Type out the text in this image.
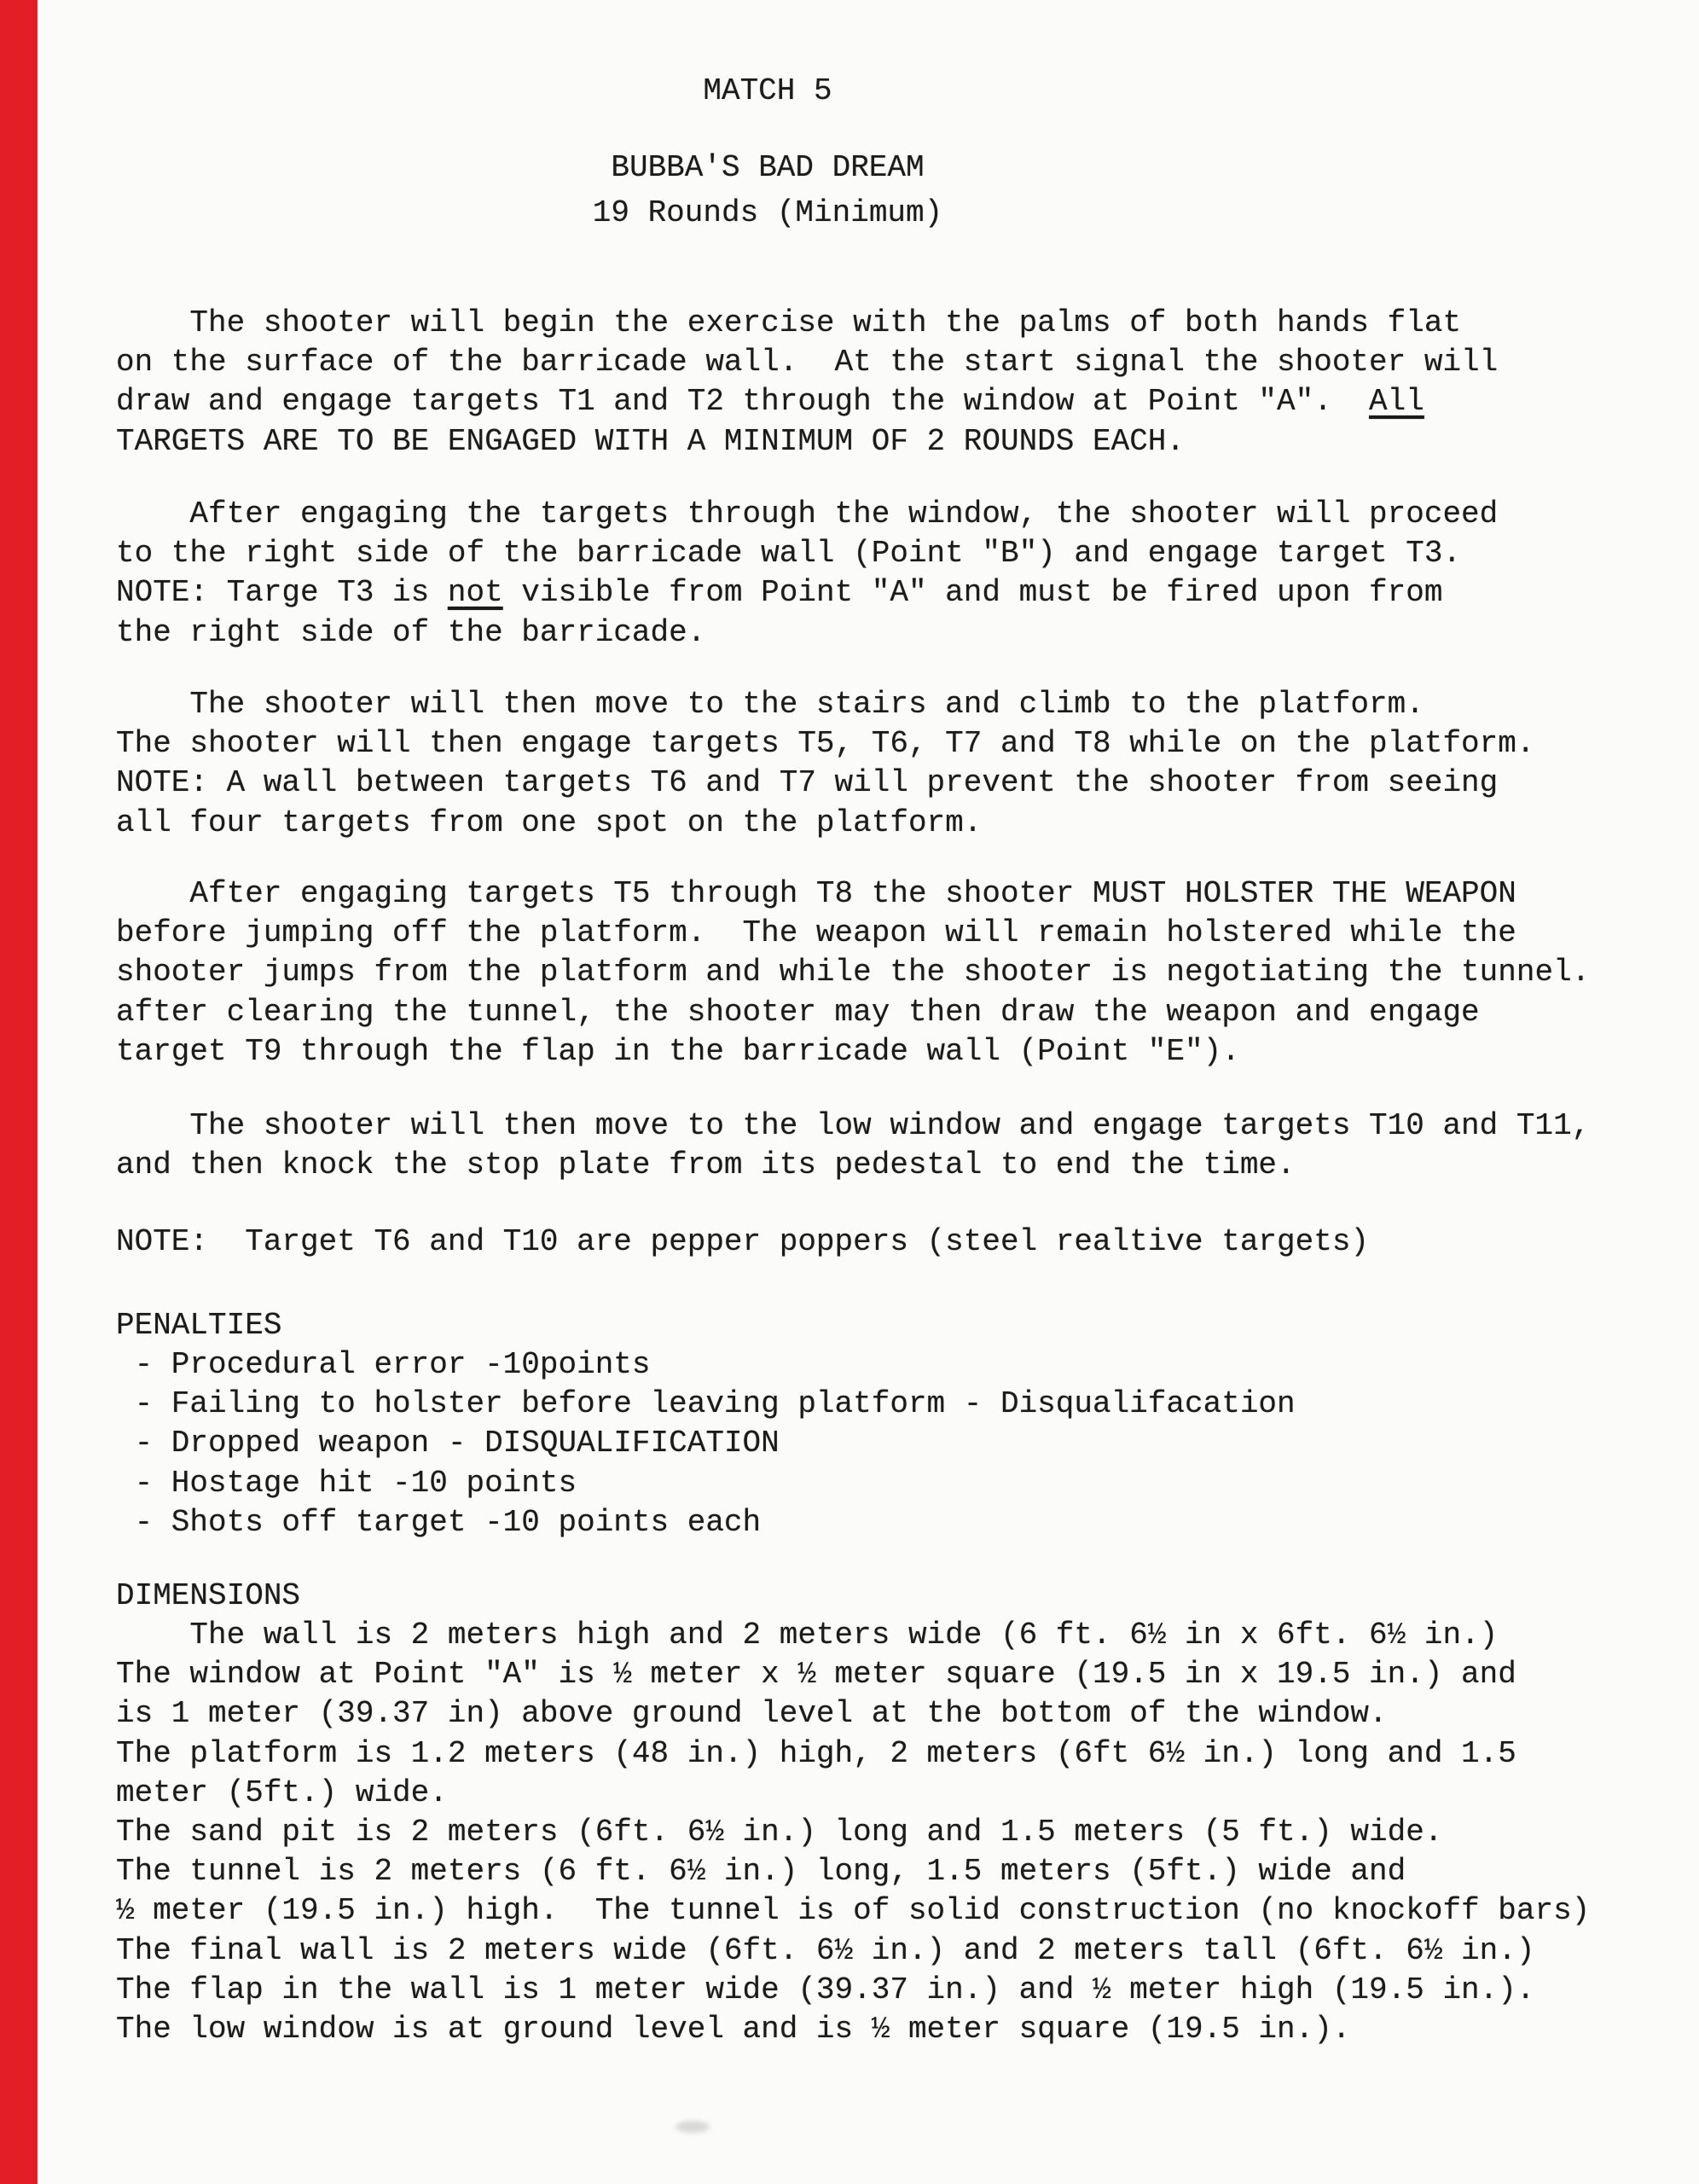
MATCH 5
BUBBA'S BAD DREAM
19 Rounds (Minimum)
The shooter will begin the exercise with the palms of both hands flat
on the surface of the barricade wall.  At the start signal the shooter will
draw and engage targets T1 and T2 through the window at Point "A".  All
TARGETS ARE TO BE ENGAGED WITH A MINIMUM OF 2 ROUNDS EACH.
After engaging the targets through the window, the shooter will proceed
to the right side of the barricade wall (Point "B") and engage target T3.
NOTE: Targe T3 is not visible from Point "A" and must be fired upon from
the right side of the barricade.
The shooter will then move to the stairs and climb to the platform.
The shooter will then engage targets T5, T6, T7 and T8 while on the platform.
NOTE: A wall between targets T6 and T7 will prevent the shooter from seeing
all four targets from one spot on the platform.
After engaging targets T5 through T8 the shooter MUST HOLSTER THE WEAPON
before jumping off the platform.  The weapon will remain holstered while the
shooter jumps from the platform and while the shooter is negotiating the tunnel.
after clearing the tunnel, the shooter may then draw the weapon and engage
target T9 through the flap in the barricade wall (Point "E").
The shooter will then move to the low window and engage targets T10 and T11,
and then knock the stop plate from its pedestal to end the time.
NOTE:  Target T6 and T10 are pepper poppers (steel realtive targets)
PENALTIES
- Procedural error -10points
- Failing to holster before leaving platform - Disqualifacation
- Dropped weapon - DISQUALIFICATION
- Hostage hit -10 points
- Shots off target -10 points each
DIMENSIONS
The wall is 2 meters high and 2 meters wide (6 ft. 6½ in x 6ft. 6½ in.)
The window at Point "A" is ½ meter x ½ meter square (19.5 in x 19.5 in.) and
is 1 meter (39.37 in) above ground level at the bottom of the window.
The platform is 1.2 meters (48 in.) high, 2 meters (6ft 6½ in.) long and 1.5
meter (5ft.) wide.
The sand pit is 2 meters (6ft. 6½ in.) long and 1.5 meters (5 ft.) wide.
The tunnel is 2 meters (6 ft. 6½ in.) long, 1.5 meters (5ft.) wide and
½ meter (19.5 in.) high.  The tunnel is of solid construction (no knockoff bars)
The final wall is 2 meters wide (6ft. 6½ in.) and 2 meters tall (6ft. 6½ in.)
The flap in the wall is 1 meter wide (39.37 in.) and ½ meter high (19.5 in.).
The low window is at ground level and is ½ meter square (19.5 in.).
